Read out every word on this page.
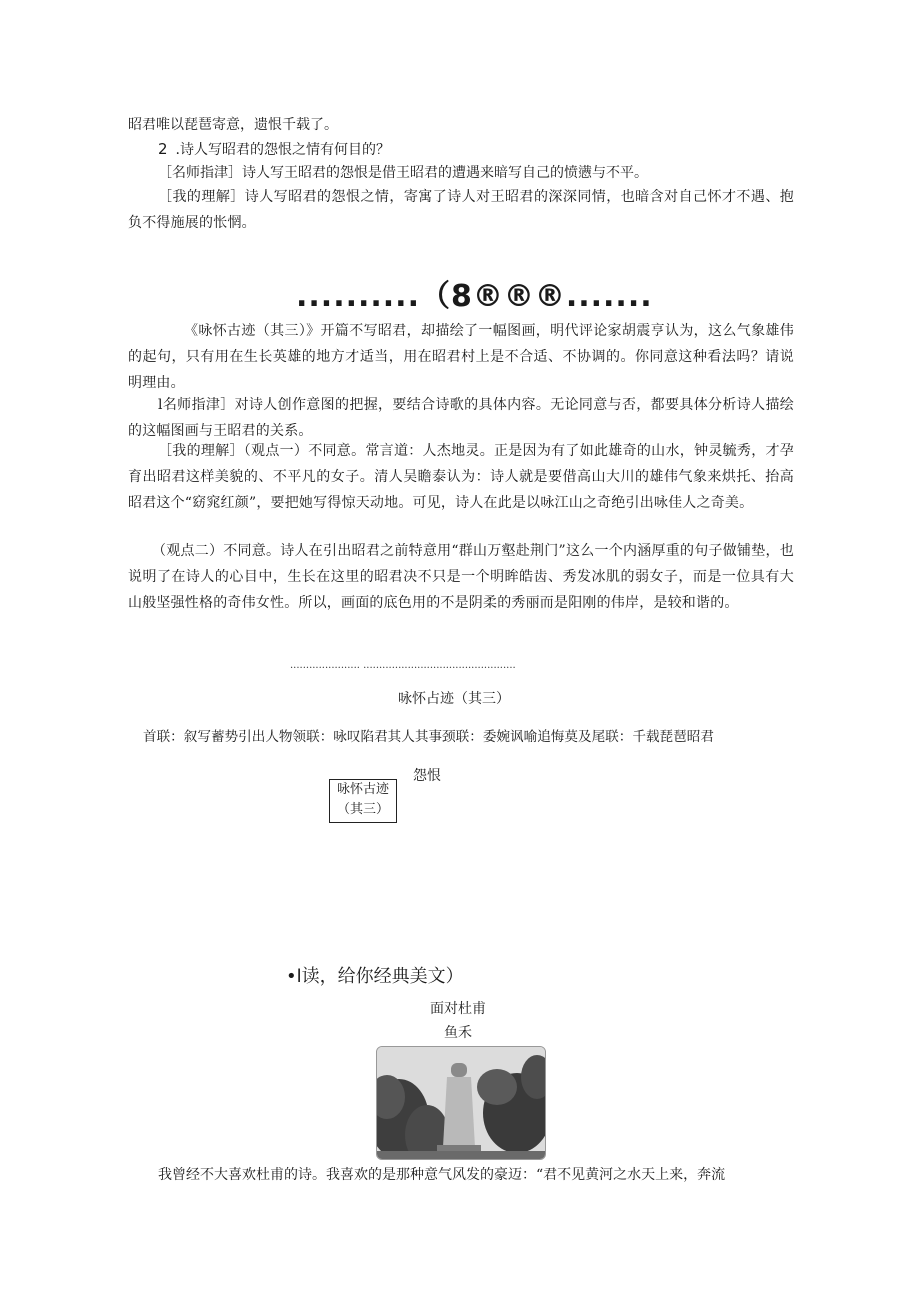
昭君唯以琵琶寄意，遗恨千载了。
2 .诗人写昭君的怨恨之情有何目的？
［名师指津］诗人写王昭君的怨恨是借王昭君的遭遇来暗写自己的愤懑与不平。
［我的理解］诗人写昭君的怨恨之情，寄寓了诗人对王昭君的深深同情，也暗含对自己怀才不遇、抱负不得施展的怅惘。
..........（8®®®.......
《咏怀古迹（其三）》开篇不写昭君，却描绘了一幅图画，明代评论家胡震亨认为，这么气象雄伟的起句，只有用在生长英雄的地方才适当，用在昭君村上是不合适、不协调的。你同意这种看法吗？请说明理由。
l名师指津］对诗人创作意图的把握，要结合诗歌的具体内容。无论同意与否，都要具体分析诗人描绘的这幅图画与王昭君的关系。
［我的理解］（观点一）不同意。常言道：人杰地灵。正是因为有了如此雄奇的山水，钟灵毓秀，才孕育出昭君这样美貌的、不平凡的女子。清人吴瞻泰认为：诗人就是要借高山大川的雄伟气象来烘托、抬高昭君这个“窈窕红颜”，要把她写得惊天动地。可见，诗人在此是以咏江山之奇绝引出咏佳人之奇美。
（观点二）不同意。诗人在引出昭君之前特意用“群山万壑赴荆门”这么一个内涵厚重的句子做铺垫，也说明了在诗人的心目中，生长在这里的昭君决不只是一个明眸皓齿、秀发冰肌的弱女子，而是一位具有大山般坚强性格的奇伟女性。所以，画面的底色用的不是阴柔的秀丽而是阳刚的伟岸，是较和谐的。
...................... ................................................
咏怀占迹（其三）
首联：叙写蓄势引出人物领联：咏叹陷君其人其事颈联：委婉讽喻追悔莫及尾联：千载琵琶昭君
怨恨
咏怀古迹
（其三）
•l读，给你经典美文）
面对杜甫
鱼禾
我曾经不大喜欢杜甫的诗。我喜欢的是那种意气风发的豪迈：“君不见黄河之水天上来，奔流
